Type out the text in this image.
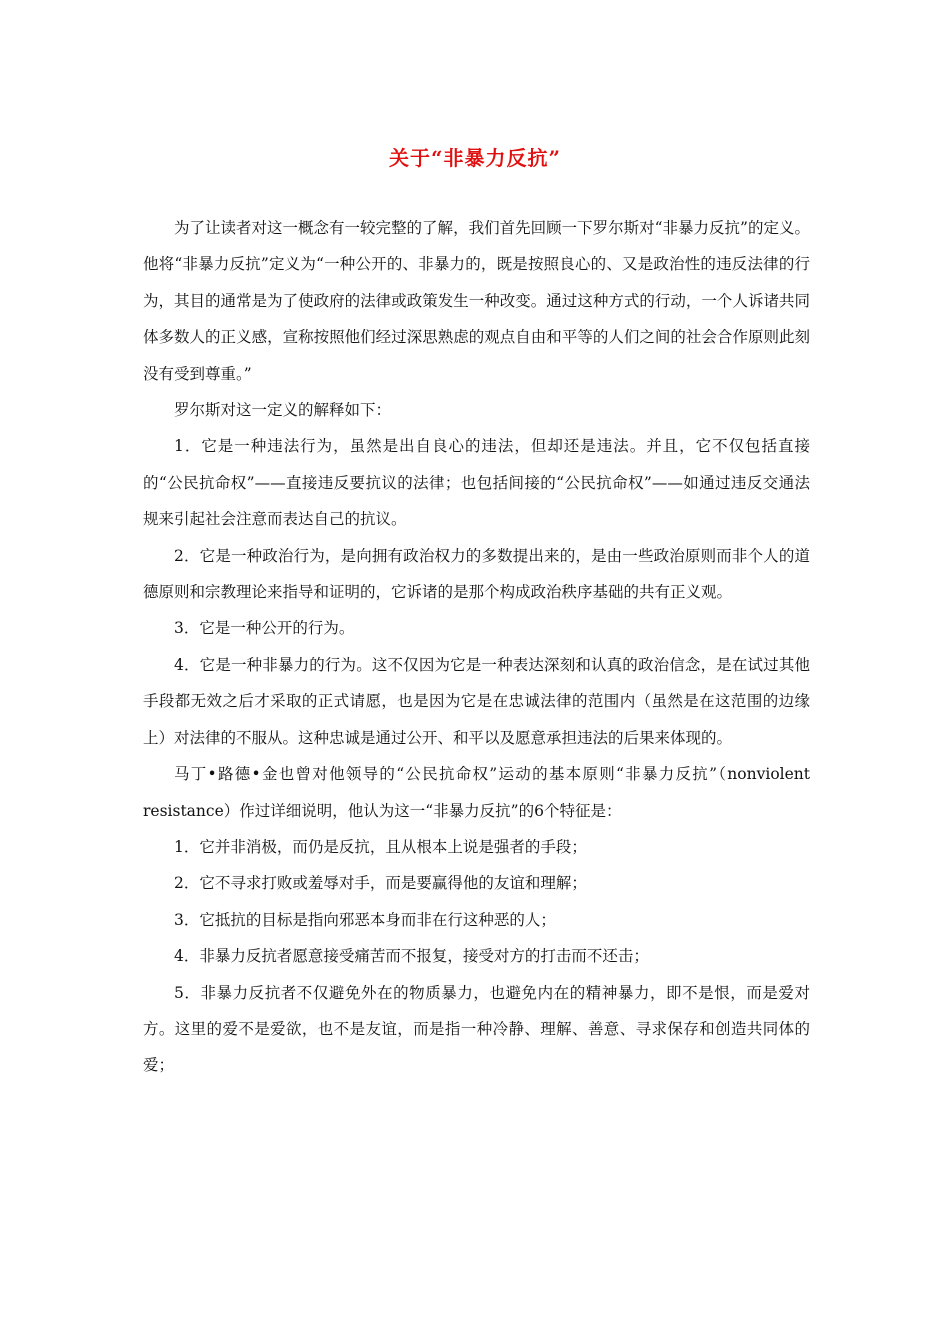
关于“非暴力反抗”

为了让读者对这一概念有一较完整的了解，我们首先回顾一下罗尔斯对“非暴力反抗”的定义。他将“非暴力反抗”定义为“一种公开的、非暴力的，既是按照良心的、又是政治性的违反法律的行为，其目的通常是为了使政府的法律或政策发生一种改变。通过这种方式的行动，一个人诉诸共同体多数人的正义感，宣称按照他们经过深思熟虑的观点自由和平等的人们之间的社会合作原则此刻没有受到尊重。”

罗尔斯对这一定义的解释如下：

1．它是一种违法行为，虽然是出自良心的违法，但却还是违法。并且，它不仅包括直接的“公民抗命权”——直接违反要抗议的法律；也包括间接的“公民抗命权”——如通过违反交通法规来引起社会注意而表达自己的抗议。

2．它是一种政治行为，是向拥有政治权力的多数提出来的，是由一些政治原则而非个人的道德原则和宗教理论来指导和证明的，它诉诸的是那个构成政治秩序基础的共有正义观。

3．它是一种公开的行为。

4．它是一种非暴力的行为。这不仅因为它是一种表达深刻和认真的政治信念，是在试过其他手段都无效之后才采取的正式请愿，也是因为它是在忠诚法律的范围内（虽然是在这范围的边缘上）对法律的不服从。这种忠诚是通过公开、和平以及愿意承担违法的后果来体现的。

马丁•路德•金也曾对他领导的“公民抗命权”运动的基本原则“非暴力反抗”（nonviolent resistance）作过详细说明，他认为这一“非暴力反抗”的6个特征是：

1．它并非消极，而仍是反抗，且从根本上说是强者的手段；

2．它不寻求打败或羞辱对手，而是要赢得他的友谊和理解；

3．它抵抗的目标是指向邪恶本身而非在行这种恶的人；

4．非暴力反抗者愿意接受痛苦而不报复，接受对方的打击而不还击；

5．非暴力反抗者不仅避免外在的物质暴力，也避免内在的精神暴力，即不是恨，而是爱对方。这里的爱不是爱欲，也不是友谊，而是指一种冷静、理解、善意、寻求保存和创造共同体的爱；
